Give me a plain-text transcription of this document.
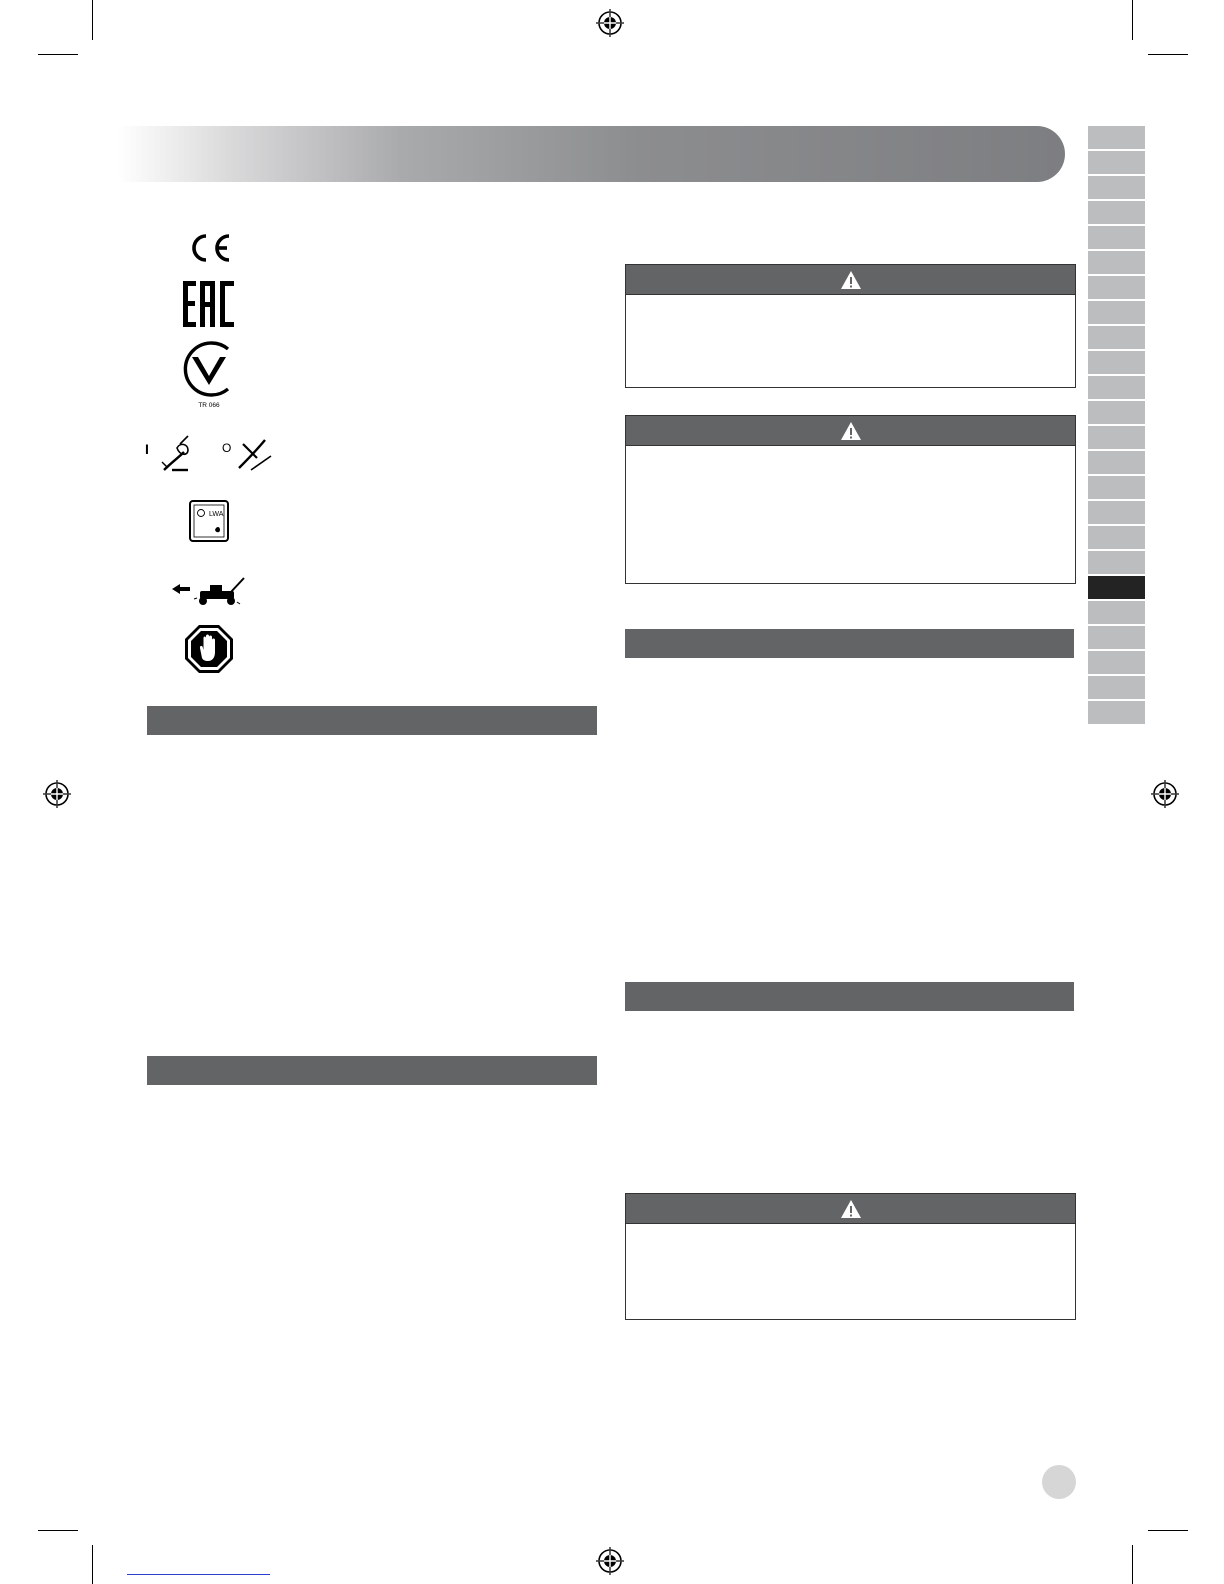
TR 066
I	O
LWA
